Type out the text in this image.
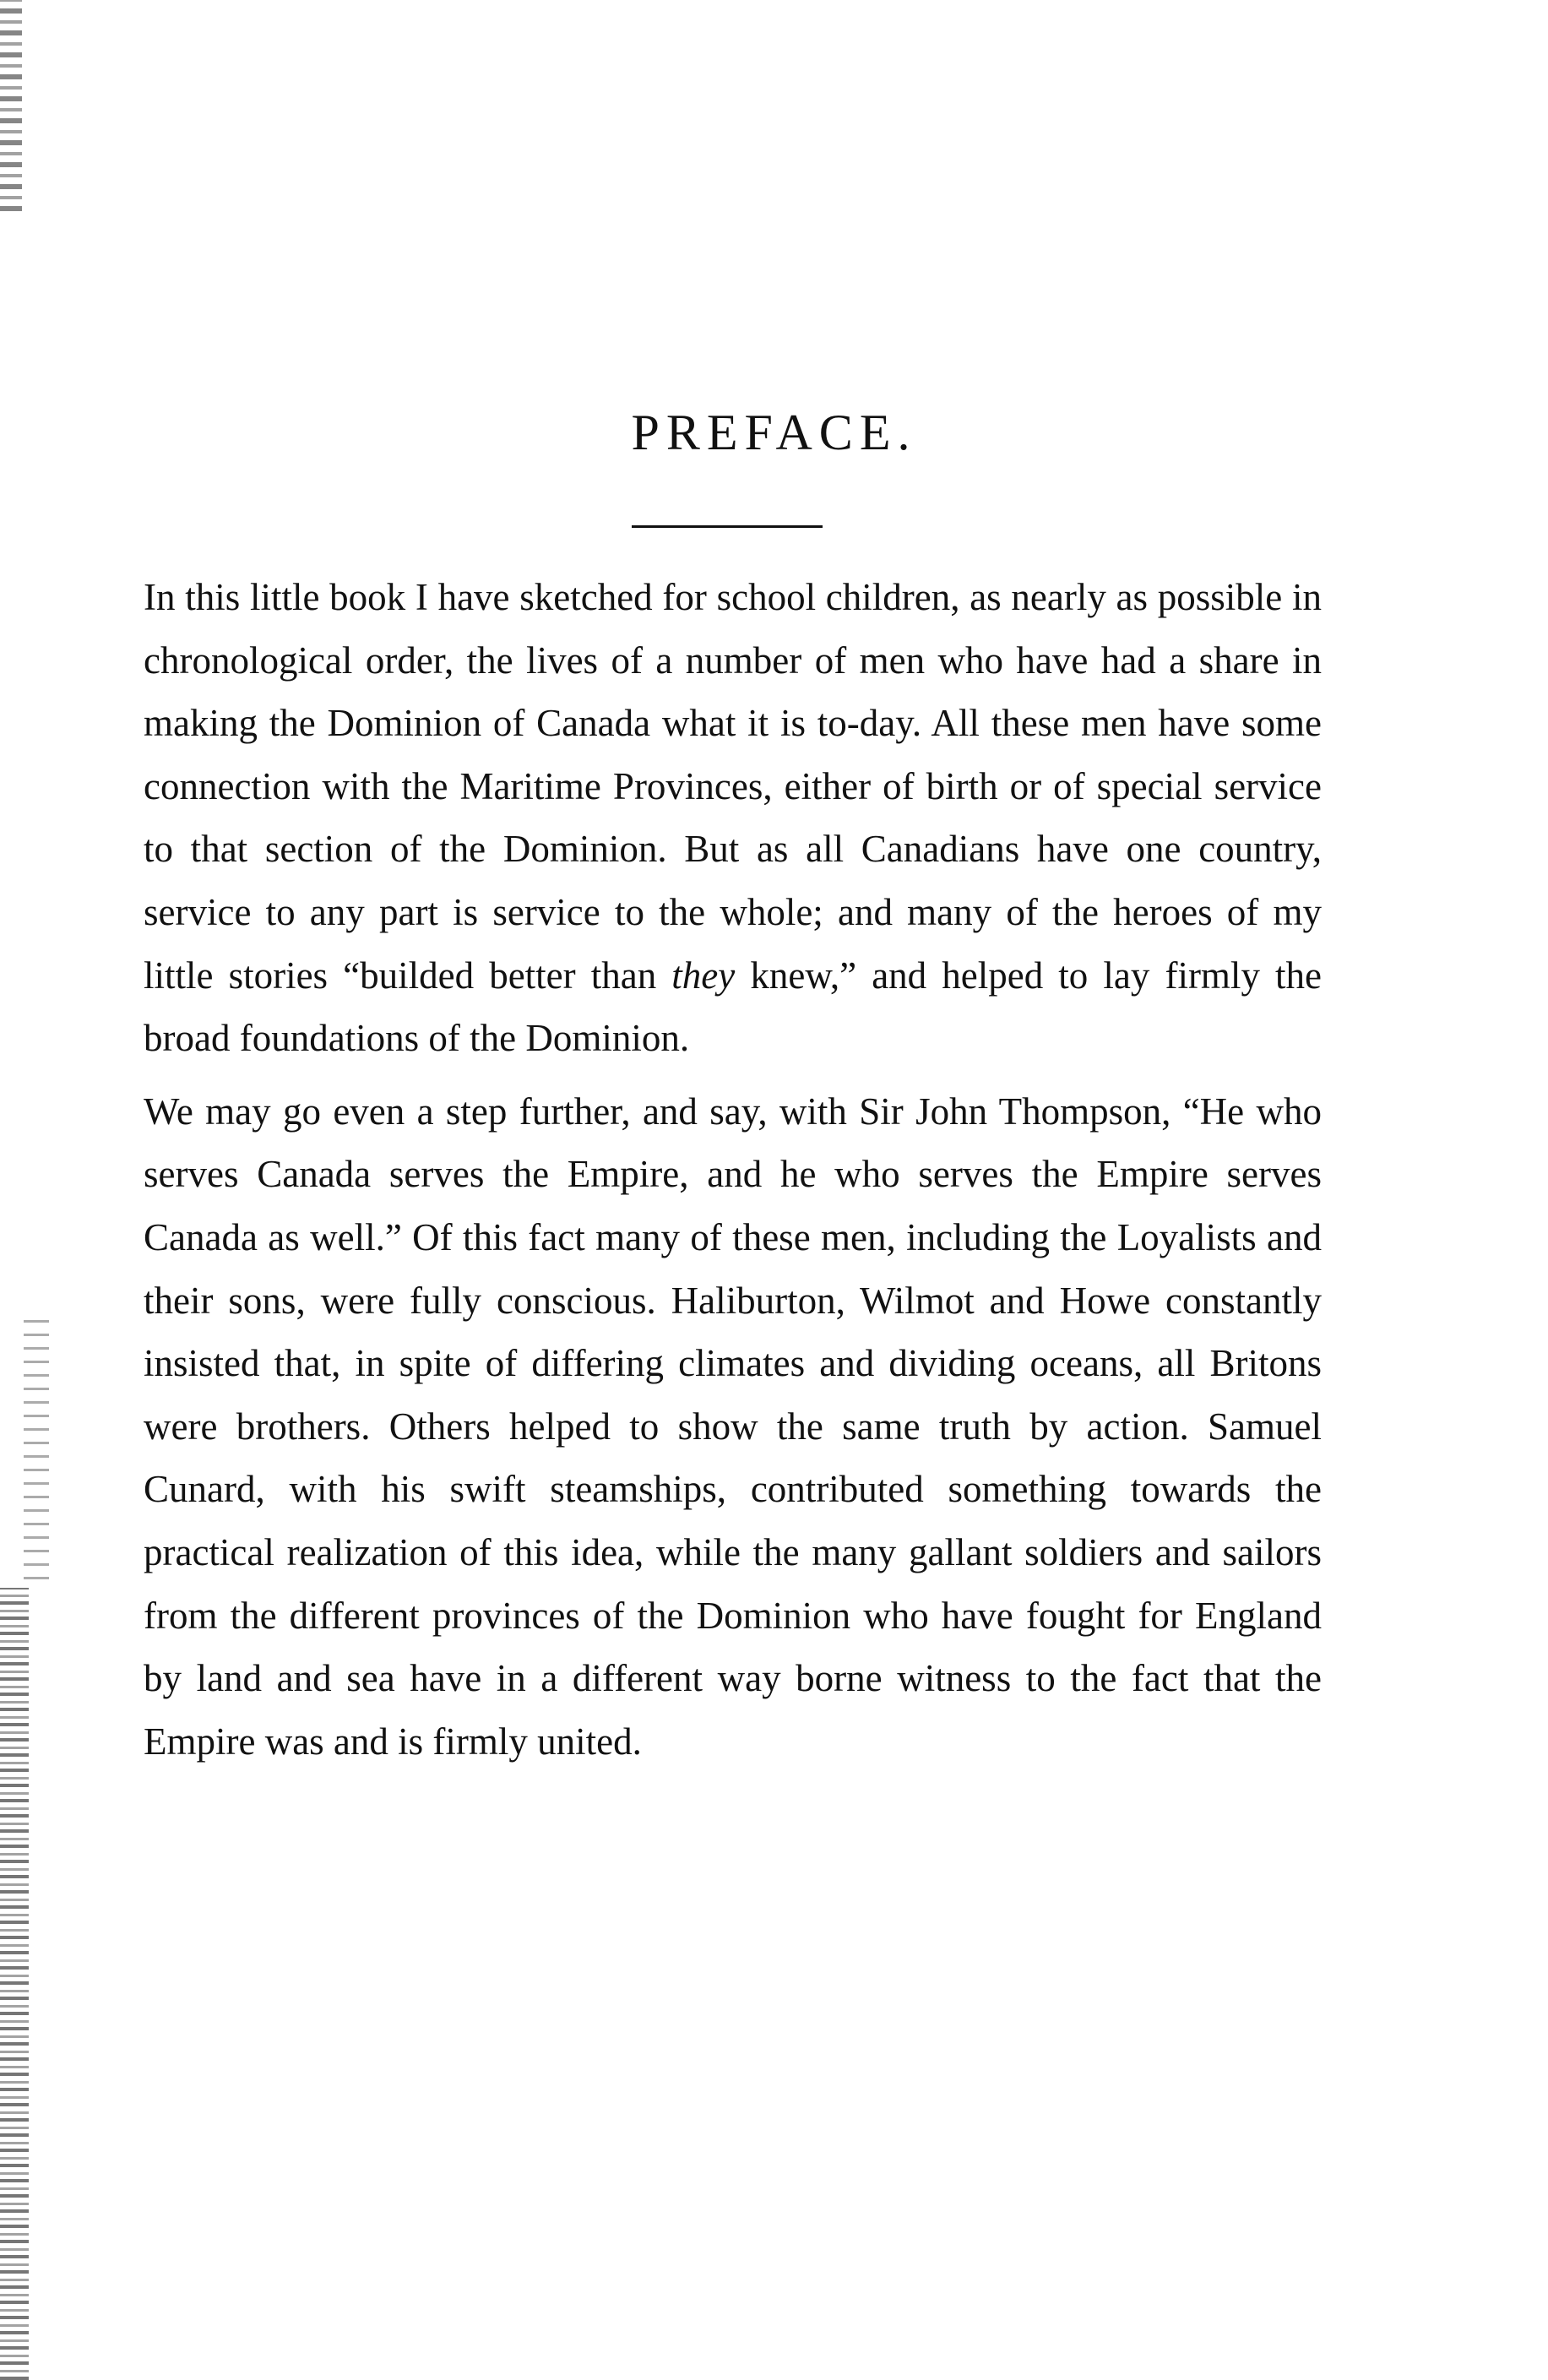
PREFACE.

In this little book I have sketched for school children, as nearly as possible in chronological order, the lives of a number of men who have had a share in making the Dominion of Canada what it is to-day. All these men have some connection with the Maritime Provinces, either of birth or of special service to that section of the Dominion. But as all Canadians have one country, service to any part is service to the whole; and many of the heroes of my little stories “builded better than they knew,” and helped to lay firmly the broad foundations of the Dominion.

We may go even a step further, and say, with Sir John Thompson, “He who serves Canada serves the Empire, and he who serves the Empire serves Canada as well.” Of this fact many of these men, including the Loyalists and their sons, were fully conscious. Haliburton, Wilmot and Howe constantly insisted that, in spite of differing climates and dividing oceans, all Britons were brothers. Others helped to show the same truth by action. Samuel Cunard, with his swift steamships, contributed something towards the practical realization of this idea, while the many gallant soldiers and sailors from the different provinces of the Dominion who have fought for England by land and sea have in a different way borne witness to the fact that the Empire was and is firmly united.
